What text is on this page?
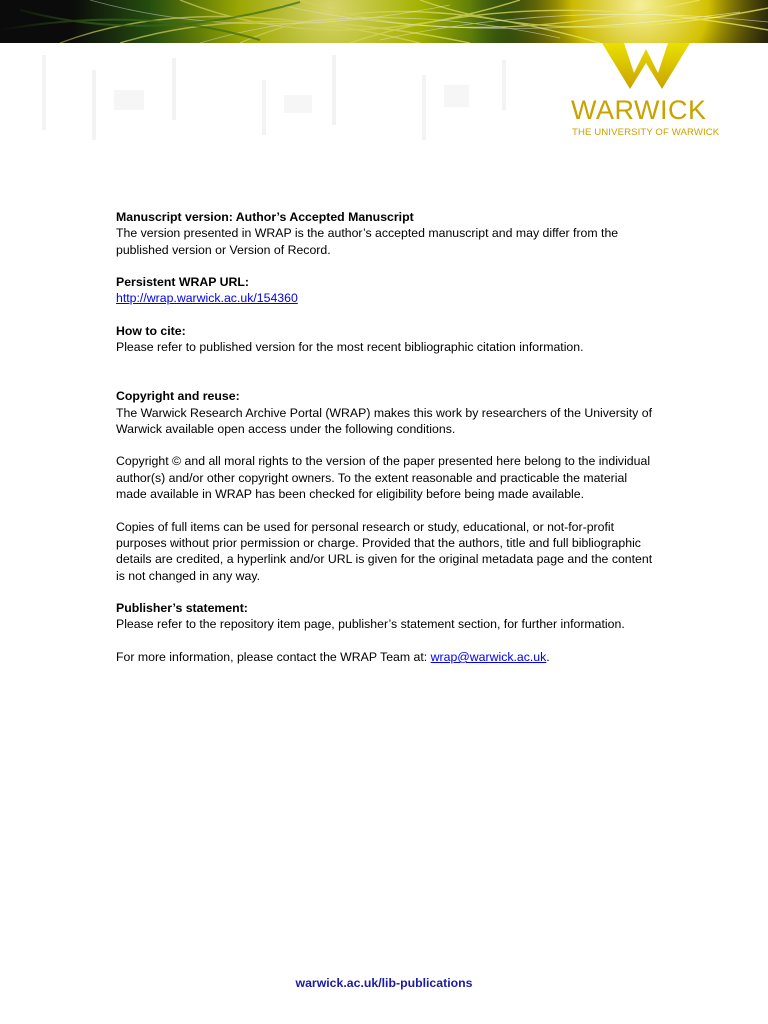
WARWICK
THE UNIVERSITY OF WARWICK
Manuscript version: Author’s Accepted Manuscript
The version presented in WRAP is the author’s accepted manuscript and may differ from the published version or Version of Record.
Persistent WRAP URL:
http://wrap.warwick.ac.uk/154360
How to cite:
Please refer to published version for the most recent bibliographic citation information.
Copyright and reuse:
The Warwick Research Archive Portal (WRAP) makes this work by researchers of the University of Warwick available open access under the following conditions.
Copyright © and all moral rights to the version of the paper presented here belong to the individual author(s) and/or other copyright owners. To the extent reasonable and practicable the material made available in WRAP has been checked for eligibility before being made available.
Copies of full items can be used for personal research or study, educational, or not-for-profit purposes without prior permission or charge. Provided that the authors, title and full bibliographic details are credited, a hyperlink and/or URL is given for the original metadata page and the content is not changed in any way.
Publisher’s statement:
Please refer to the repository item page, publisher’s statement section, for further information.
For more information, please contact the WRAP Team at: wrap@warwick.ac.uk.
warwick.ac.uk/lib-publications
